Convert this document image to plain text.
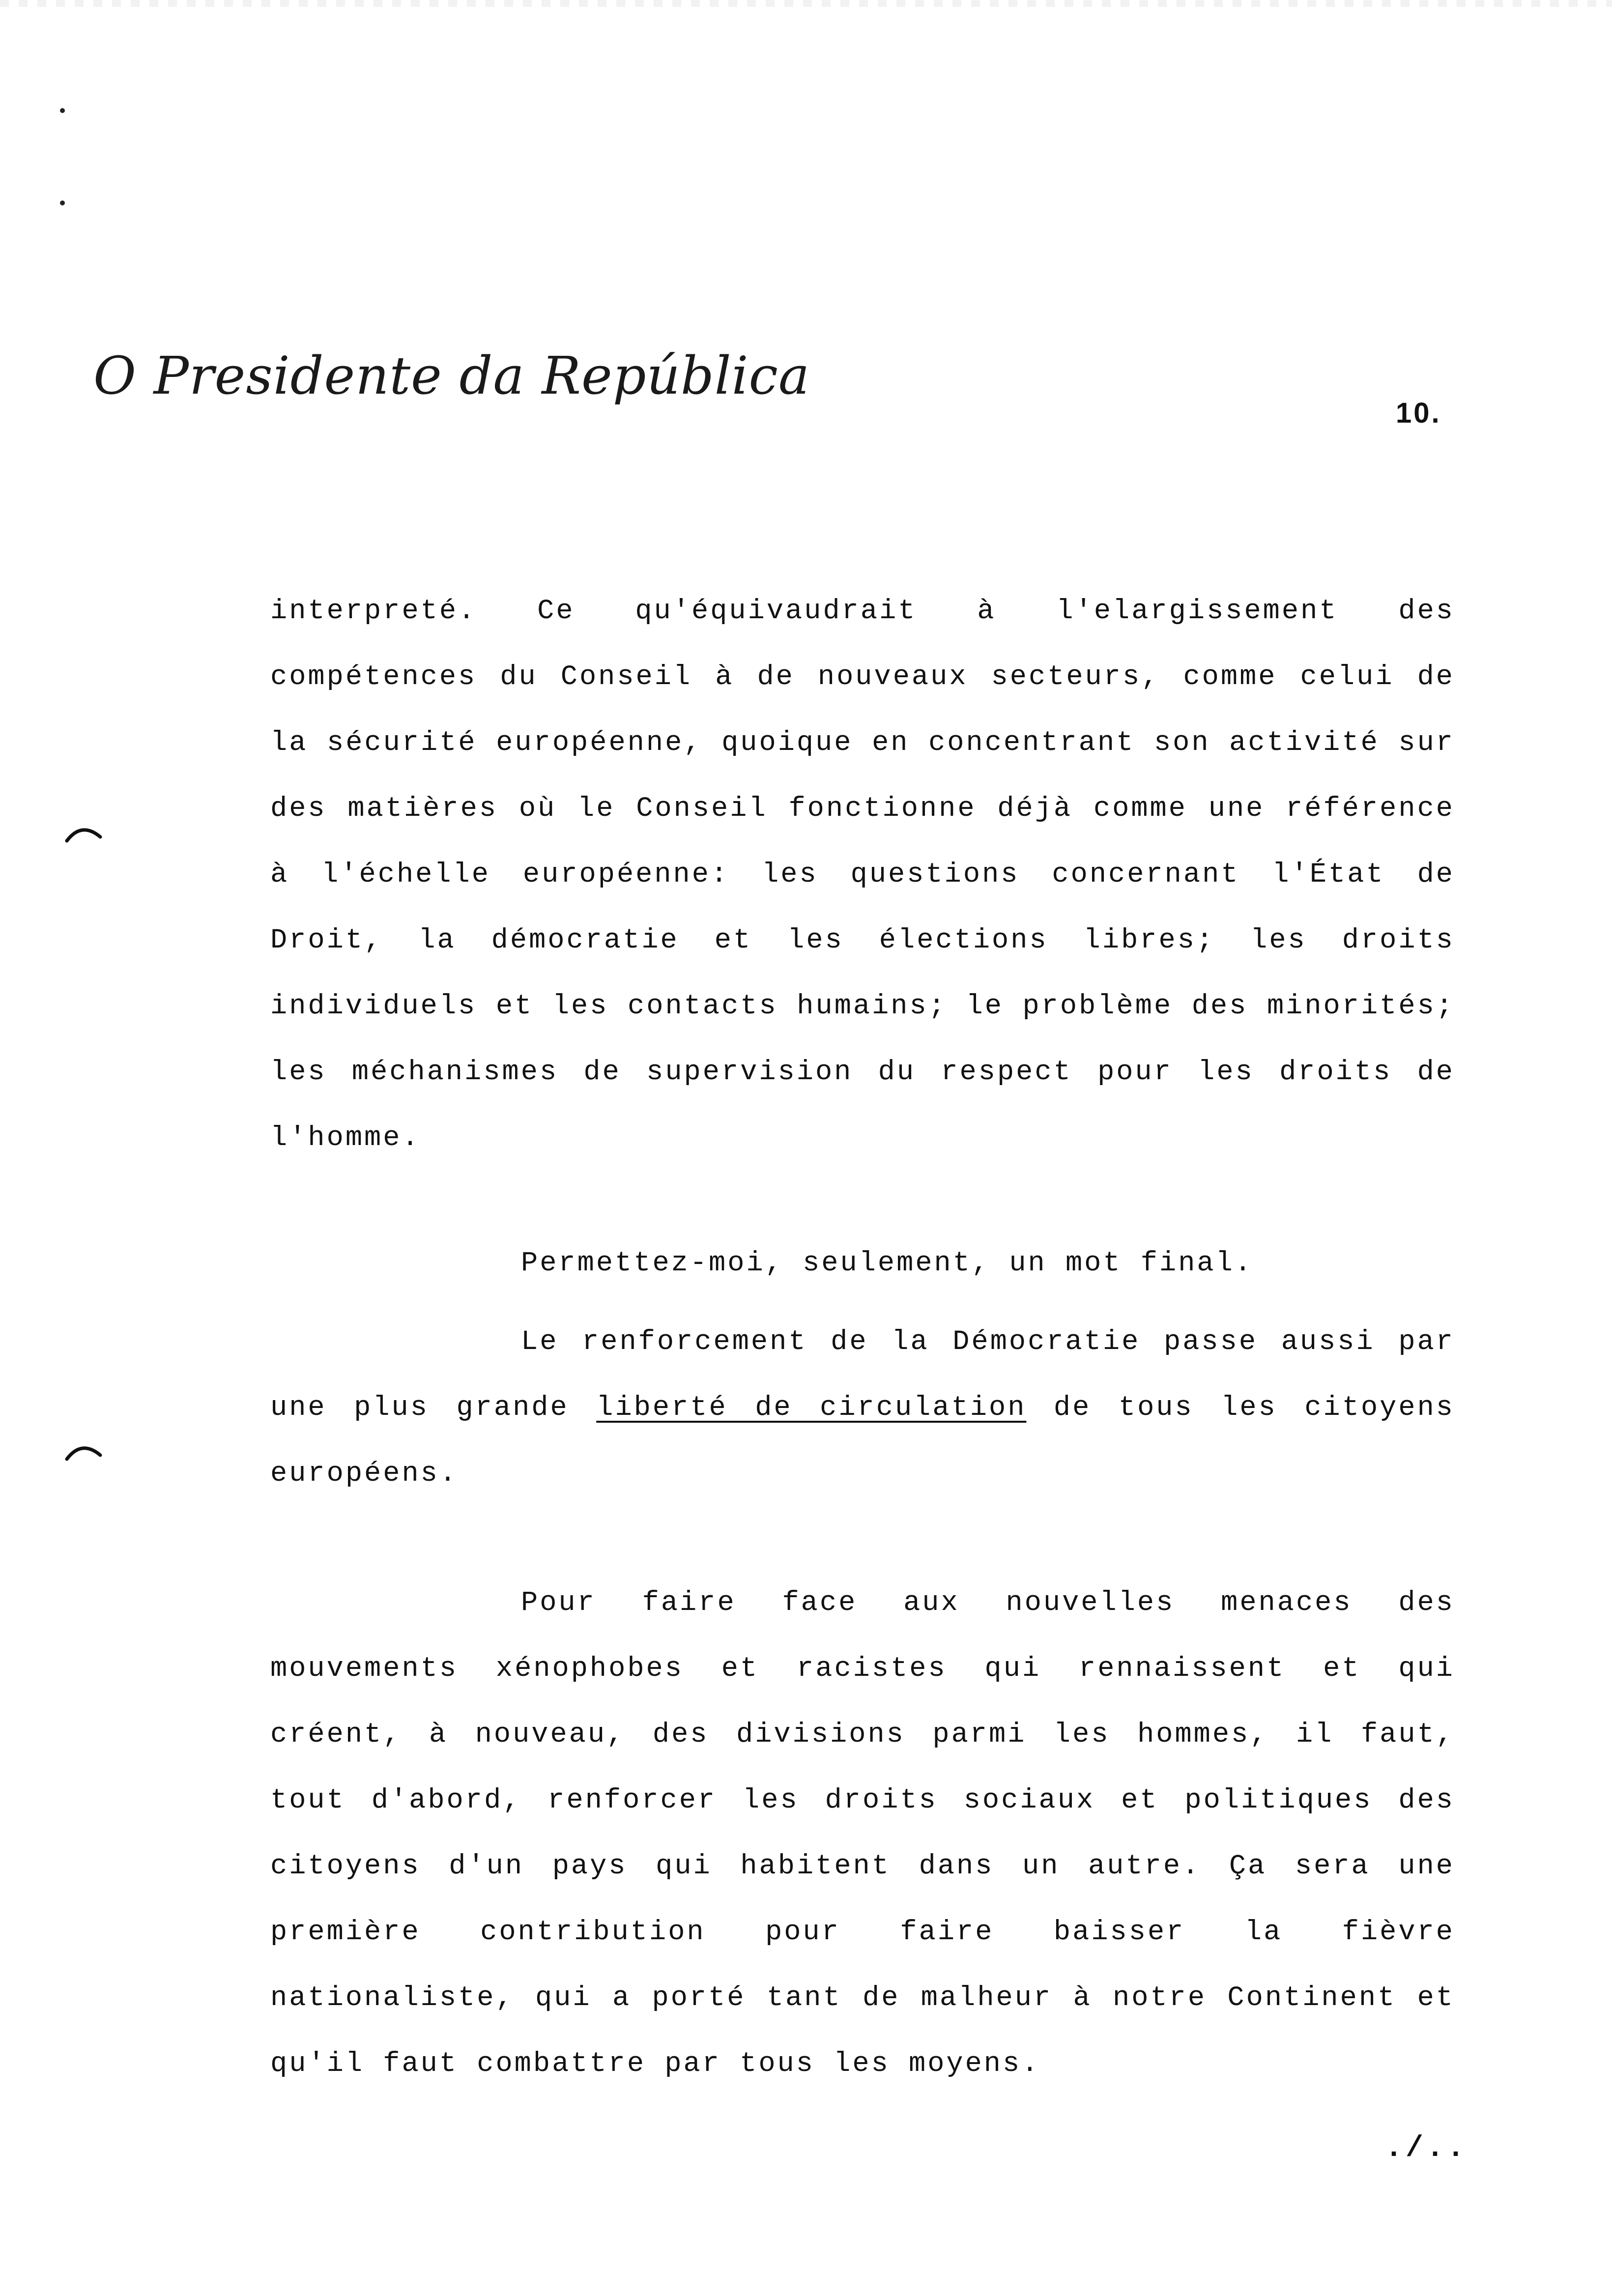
O Presidente da República
10.
interpreté. Ce qu'équivaudrait à l'elargissement des compétences du Conseil à de nouveaux secteurs, comme celui de la sécurité européenne, quoique en concentrant son activité sur des matières où le Conseil fonctionne déjà comme une référence à l'échelle européenne: les questions concernant l'État de Droit, la démocratie et les élections libres; les droits individuels et les contacts humains; le problème des minorités; les méchanismes de supervision du respect pour les droits de l'homme.
Permettez-moi, seulement, un mot final.
Le renforcement de la Démocratie passe aussi par une plus grande liberté de circulation de tous les citoyens européens.
Pour faire face aux nouvelles menaces des mouvements xénophobes et racistes qui rennaissent et qui créent, à nouveau, des divisions parmi les hommes, il faut, tout d'abord, renforcer les droits sociaux et politiques des citoyens d'un pays qui habitent dans un autre. Ça sera une première contribution pour faire baisser la fièvre nationaliste, qui a porté tant de malheur à notre Continent et qu'il faut combattre par tous les moyens.
./..
